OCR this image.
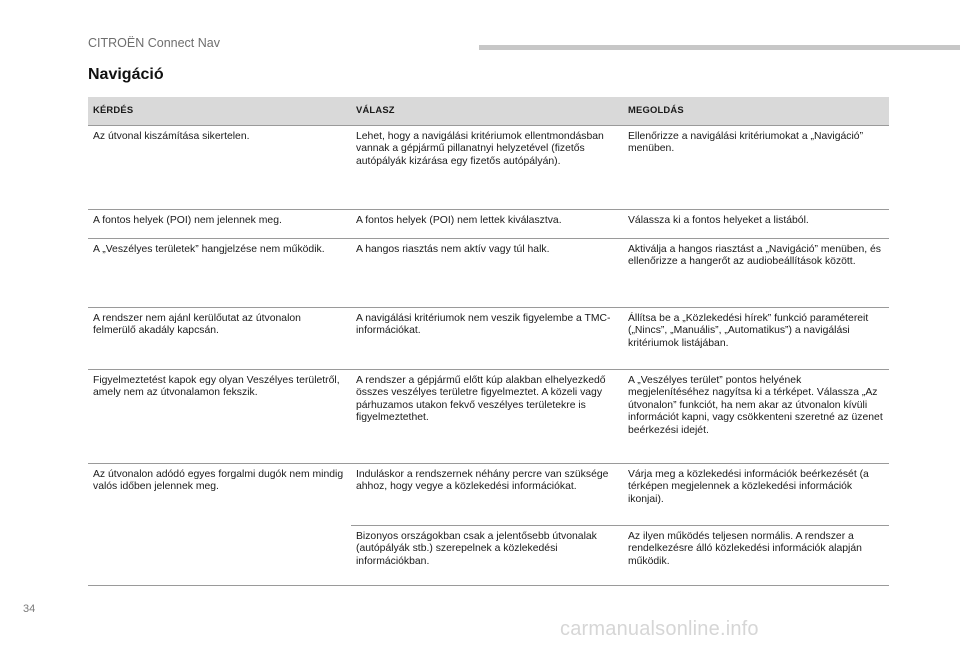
CITROËN Connect Nav
Navigáció
KÉRDÉS	VÁLASZ	MEGOLDÁS
Az útvonal kiszámítása sikertelen.	Lehet, hogy a navigálási kritériumok ellentmondásban vannak a gépjármű pillanatnyi helyzetével (fizetős autópályák kizárása egy fizetős autópályán).	Ellenőrizze a navigálási kritériumokat a „Navigáció” menüben.
A fontos helyek (POI) nem jelennek meg.	A fontos helyek (POI) nem lettek kiválasztva.	Válassza ki a fontos helyeket a listából.
A „Veszélyes területek” hangjelzése nem működik.	A hangos riasztás nem aktív vagy túl halk.	Aktiválja a hangos riasztást a „Navigáció” menüben, és ellenőrizze a hangerőt az audiobeállítások között.
A rendszer nem ajánl kerülőutat az útvonalon felmerülő akadály kapcsán.	A navigálási kritériumok nem veszik figyelembe a TMC-információkat.	Állítsa be a „Közlekedési hírek” funkció paramétereit („Nincs”, „Manuális”, „Automatikus”) a navigálási kritériumok listájában.
Figyelmeztetést kapok egy olyan Veszélyes területről, amely nem az útvonalamon fekszik.	A rendszer a gépjármű előtt kúp alakban elhelyezkedő összes veszélyes területre figyelmeztet. A közeli vagy párhuzamos utakon fekvő veszélyes területekre is figyelmeztethet.	A „Veszélyes terület” pontos helyének megjelenítéséhez nagyítsa ki a térképet. Válassza „Az útvonalon” funkciót, ha nem akar az útvonalon kívüli információt kapni, vagy csökkenteni szeretné az üzenet beérkezési idejét.
Az útvonalon adódó egyes forgalmi dugók nem mindig valós időben jelennek meg.	Induláskor a rendszernek néhány percre van szüksége ahhoz, hogy vegye a közlekedési információkat.	Várja meg a közlekedési információk beérkezését (a térképen megjelennek a közlekedési információk ikonjai).
	Bizonyos országokban csak a jelentősebb útvonalak (autópályák stb.) szerepelnek a közlekedési információkban.	Az ilyen működés teljesen normális. A rendszer a rendelkezésre álló közlekedési információk alapján működik.
34
carmanualsonline.info
